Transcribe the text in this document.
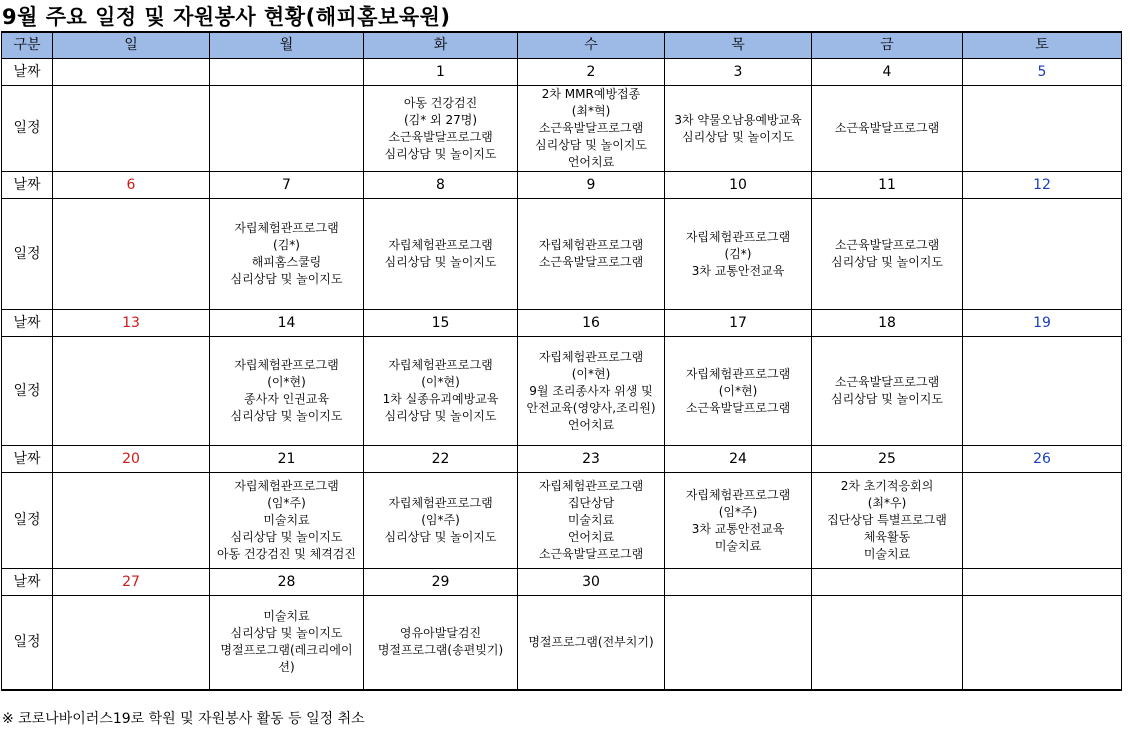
9월 주요 일정 및 자원봉사 현황(해피홈보육원)
구분	일	월	화	수	목	금	토
날짜			1	2	3	4	5
일정			아동 건강검진
(김* 외 27명)
소근육발달프로그램
심리상담 및 놀이지도	2차 MMR예방접종
(최*혁)
소근육발달프로그램
심리상담 및 놀이지도
언어치료	3차 약물오남용예방교육
심리상담 및 놀이지도	소근육발달프로그램	
날짜	6	7	8	9	10	11	12
일정		자립체험관프로그램
(김*)
해피홈스쿨링
심리상담 및 놀이지도	자립체험관프로그램
심리상담 및 놀이지도	자립체험관프로그램
소근육발달프로그램	자립체험관프로그램
(김*)
3차 교통안전교육	소근육발달프로그램
심리상담 및 놀이지도	
날짜	13	14	15	16	17	18	19
일정		자립체험관프로그램
(이*현)
종사자 인권교육
심리상담 및 놀이지도	자립체험관프로그램
(이*현)
1차 실종유괴예방교육
심리상담 및 놀이지도	자립체험관프로그램
(이*현)
9월 조리종사자 위생 및
안전교육(영양사,조리원)
언어치료	자립체험관프로그램
(이*현)
소근육발달프로그램	소근육발달프로그램
심리상담 및 놀이지도	
날짜	20	21	22	23	24	25	26
일정		자립체험관프로그램
(임*주)
미술치료
심리상담 및 놀이지도
아동 건강검진 및 체격검진	자립체험관프로그램
(임*주)
심리상담 및 놀이지도	자립체험관프로그램
집단상담
미술치료
언어치료
소근육발달프로그램	자립체험관프로그램
(임*주)
3차 교통안전교육
미술치료	2차 초기적응회의
(최*우)
집단상담 특별프로그램
체육활동
미술치료	
날짜	27	28	29	30			
일정		미술치료
심리상담 및 놀이지도
명절프로그램(레크리에이
션)	영유아발달검진
명절프로그램(송편빚기)	명절프로그램(전부치기)			
※ 코로나바이러스19로 학원 및 자원봉사 활동 등 일정 취소
